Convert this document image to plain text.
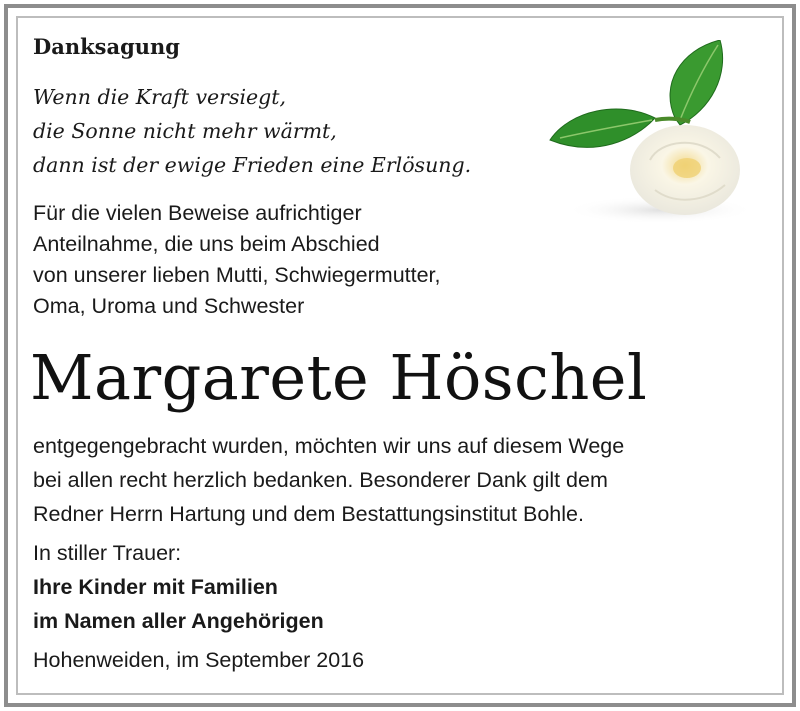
Danksagung
Wenn die Kraft versiegt,
die Sonne nicht mehr wärmt,
dann ist der ewige Frieden eine Erlösung.
Für die vielen Beweise aufrichtiger
Anteilnahme, die uns beim Abschied
von unserer lieben Mutti, Schwiegermutter,
Oma, Uroma und Schwester
Margarete Höschel
entgegengebracht wurden, möchten wir uns auf diesem Wege
bei allen recht herzlich bedanken. Besonderer Dank gilt dem
Redner Herrn Hartung und dem Bestattungsinstitut Bohle.
In stiller Trauer:
Ihre Kinder mit Familien
im Namen aller Angehörigen
Hohenweiden, im September 2016
